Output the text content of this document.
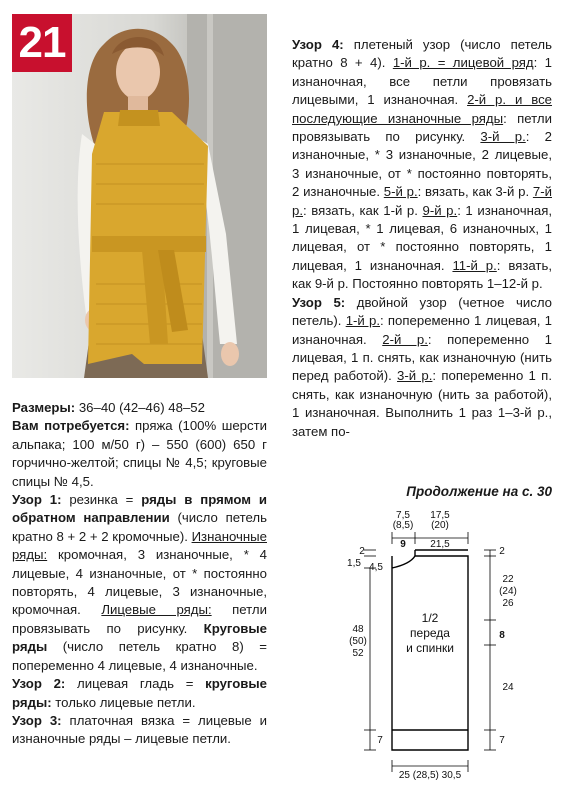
21	Узор 4: плетеный узор (число петель кратно 8 + 4). 1-й р. = лицевой ряд: 1 изнаночная, все петли провязать лицевыми, 1 изнаночная. 2-й р. и все последующие изнаночные ряды: петли провязывать по рисунку. 3-й р.: 2 изнаночные, * 3 изнаночные, 2 лицевые, 3 изнаночные, от * постоянно повторять, 2 изнаночные. 5-й р.: вязать, как 3-й р. 7-й р.: вязать, как 1-й р. 9-й р.: 1 изнаночная, 1 лицевая, * 1 лицевая, 6 изнаночных, 1 лицевая, от * постоянно повторять, 1 лицевая, 1 изнаночная. 11-й р.: вязать, как 9-й р. Постоянно повторять 1–12-й р.

Узор 5: двойной узор (четное число петель). 1-й р.: попеременно 1 лицевая, 1 изнаночная. 2-й р.: попеременно 1 лицевая, 1 п. снять, как изнаночную (нить перед работой). 3-й р.: попеременно 1 п. снять, как изнаночную (нить за работой), 1 изнаночная. Выполнить 1 раз 1–3-й р., затем по-

Продолжение на с. 30

Размеры: 36–40 (42–46) 48–52

Вам потребуется: пряжа (100% шерсти альпака; 100 м/50 г) – 550 (600) 650 г горчично-желтой; спицы № 4,5; круговые спицы № 4,5.

Узор 1: резинка = ряды в прямом и обратном направлении (число петель кратно 8 + 2 + 2 кромочные). Изнаночные ряды: кромочная, 3 изнаночные, * 4 лицевые, 4 изнаночные, от * постоянно повторять, 4 лицевые, 3 изнаночные, кромочная. Лицевые ряды: петли провязывать по рисунку. Круговые ряды (число петель кратно 8) = попеременно 4 лицевые, 4 изнаночные.

Узор 2: лицевая гладь = круговые ряды: только лицевые петли.

Узор 3: платочная вязка = лицевые и изнаночные ряды – лицевые петли.

7,5
(8,5)
9
17,5
(20)
21,5
2	2
1,5 4,5
22
(24)
26
1/2
переда
и спинки
48
(50)
52
8
24
7	7
25 (28,5) 30,5
